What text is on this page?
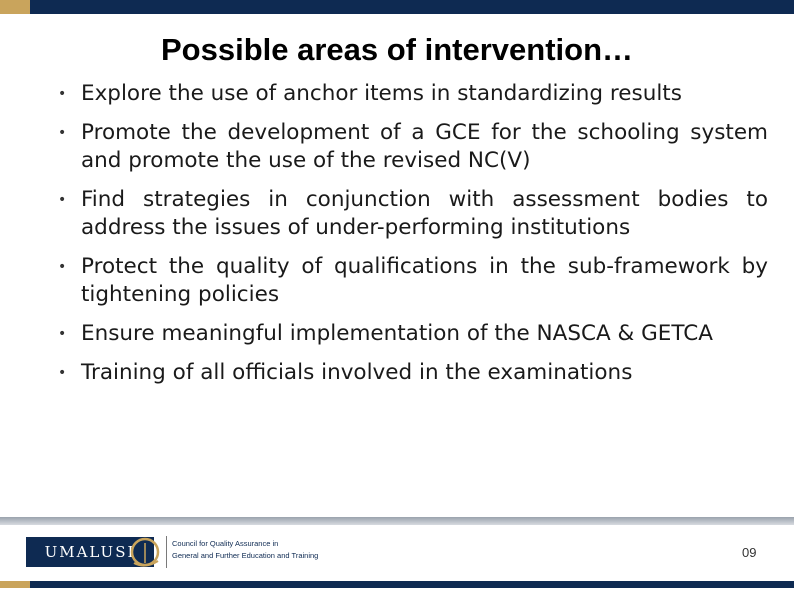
Possible areas of intervention…
• Explore the use of anchor items in standardizing results
• Promote the development of a GCE for the schooling system and promote the use of the revised NC(V)
• Find strategies in conjunction with assessment bodies to address the issues of under-performing institutions
• Protect the quality of qualifications in the sub-framework by tightening policies
• Ensure meaningful implementation of the NASCA & GETCA
• Training of all officials involved in the examinations
UMALUSI	Council for Quality Assurance in
General and Further Education and Training	09
